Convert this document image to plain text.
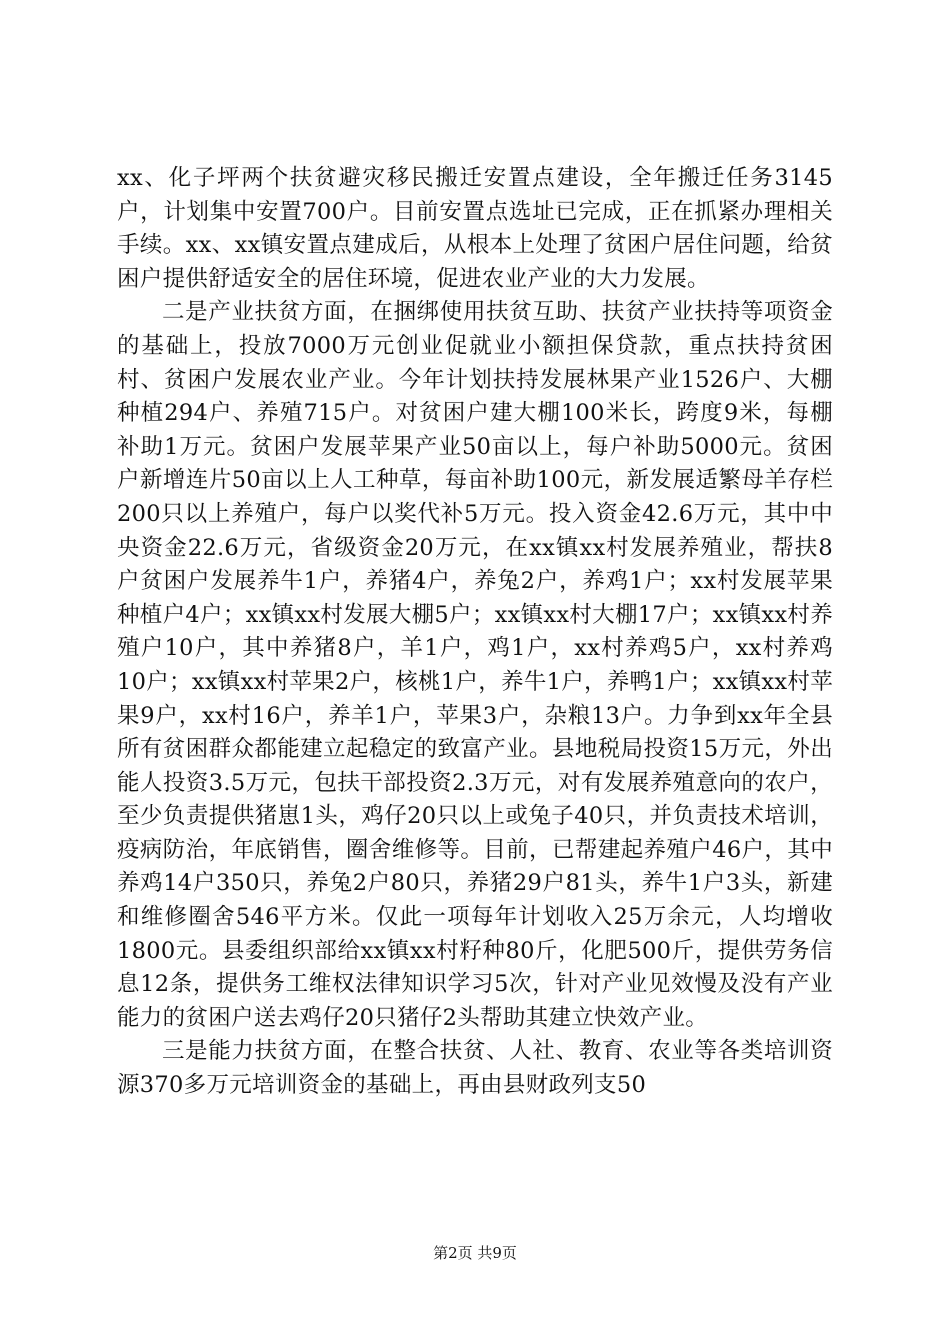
xx、化子坪两个扶贫避灾移民搬迁安置点建设，全年搬迁任务3145户，计划集中安置700户。目前安置点选址已完成，正在抓紧办理相关手续。xx、xx镇安置点建成后，从根本上处理了贫困户居住问题，给贫困户提供舒适安全的居住环境，促进农业产业的大力发展。

二是产业扶贫方面，在捆绑使用扶贫互助、扶贫产业扶持等项资金的基础上，投放7000万元创业促就业小额担保贷款，重点扶持贫困村、贫困户发展农业产业。今年计划扶持发展林果产业1526户、大棚种植294户、养殖715户。对贫困户建大棚100米长，跨度9米，每棚补助1万元。贫困户发展苹果产业50亩以上，每户补助5000元。贫困户新增连片50亩以上人工种草，每亩补助100元，新发展适繁母羊存栏200只以上养殖户，每户以奖代补5万元。投入资金42.6万元，其中中央资金22.6万元，省级资金20万元，在xx镇xx村发展养殖业，帮扶8户贫困户发展养牛1户，养猪4户，养兔2户，养鸡1户；xx村发展苹果种植户4户；xx镇xx村发展大棚5户；xx镇xx村大棚17户；xx镇xx村养殖户10户，其中养猪8户，羊1户，鸡1户，xx村养鸡5户，xx村养鸡10户；xx镇xx村苹果2户，核桃1户，养牛1户，养鸭1户；xx镇xx村苹果9户，xx村16户，养羊1户，苹果3户，杂粮13户。力争到xx年全县所有贫困群众都能建立起稳定的致富产业。县地税局投资15万元，外出能人投资3.5万元，包扶干部投资2.3万元，对有发展养殖意向的农户，至少负责提供猪崽1头，鸡仔20只以上或兔子40只，并负责技术培训，疫病防治，年底销售，圈舍维修等。目前，已帮建起养殖户46户，其中养鸡14户350只，养兔2户80只，养猪29户81头，养牛1户3头，新建和维修圈舍546平方米。仅此一项每年计划收入25万余元，人均增收1800元。县委组织部给xx镇xx村籽种80斤，化肥500斤，提供劳务信息12条，提供务工维权法律知识学习5次，针对产业见效慢及没有产业能力的贫困户送去鸡仔20只猪仔2头帮助其建立快效产业。

三是能力扶贫方面，在整合扶贫、人社、教育、农业等各类培训资源370多万元培训资金的基础上，再由县财政列支50

第2页 共9页
